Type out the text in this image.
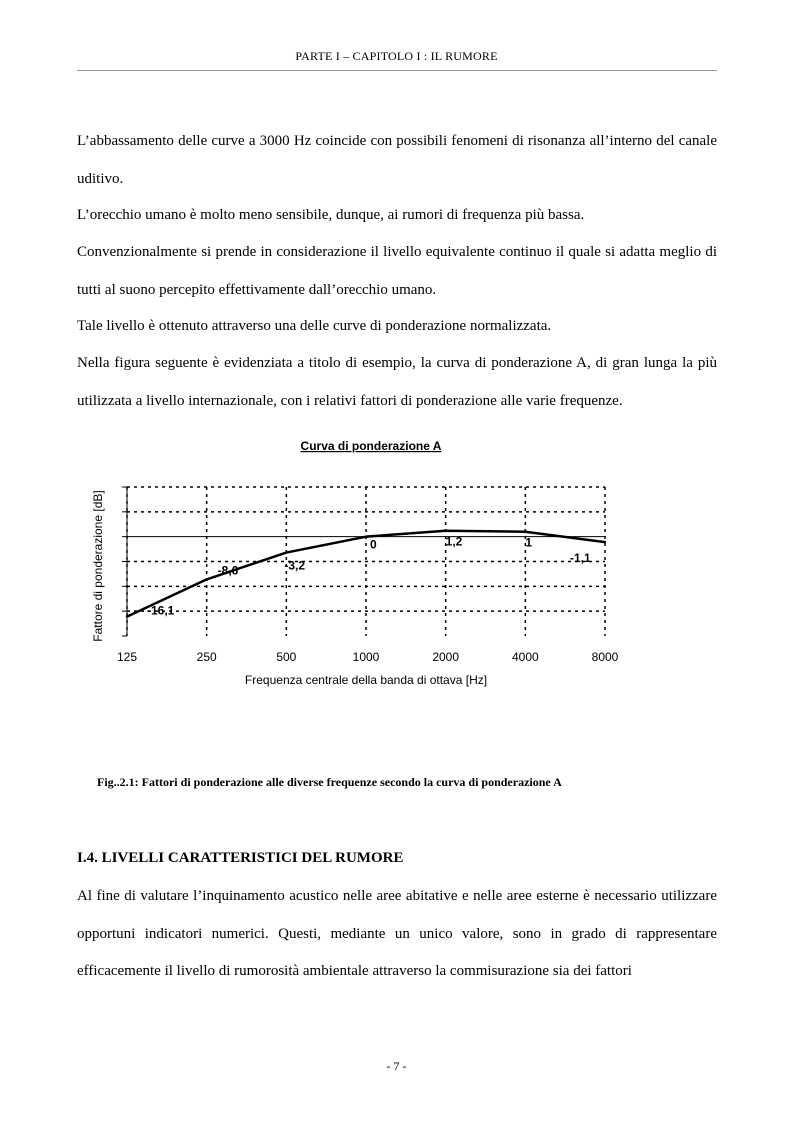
PARTE I – CAPITOLO I : IL RUMORE

L’abbassamento delle curve a 3000 Hz coincide con possibili fenomeni di risonanza all’interno del canale uditivo.

L’orecchio umano è molto meno sensibile, dunque, ai rumori di frequenza più bassa.

Convenzionalmente si prende in considerazione il livello equivalente continuo il quale si adatta meglio di tutti al suono percepito effettivamente dall’orecchio umano.

Tale livello è ottenuto attraverso una delle curve di ponderazione normalizzata.

Nella figura seguente è evidenziata a titolo di esempio, la curva di ponderazione A, di gran lunga la più utilizzata a livello internazionale, con i relativi fattori di ponderazione alle varie frequenze.

Curva di ponderazione A
-16,1
-8,6	-3,2
0	1,2	1
-1,1
125	250	500	1000	2000	4000	8000
Frequenza centrale della banda di ottava [Hz]
Fattore di ponderazione [dB]
Fig..2.1: Fattori di ponderazione alle diverse frequenze secondo la curva di ponderazione A
I.4. LIVELLI CARATTERISTICI DEL RUMORE

Al fine di valutare l’inquinamento acustico nelle aree abitative e nelle aree esterne è necessario utilizzare opportuni indicatori numerici. Questi, mediante un unico valore, sono in grado di rappresentare efficacemente il livello di rumorosità ambientale attraverso la commisurazione sia dei fattori

- 7 -
